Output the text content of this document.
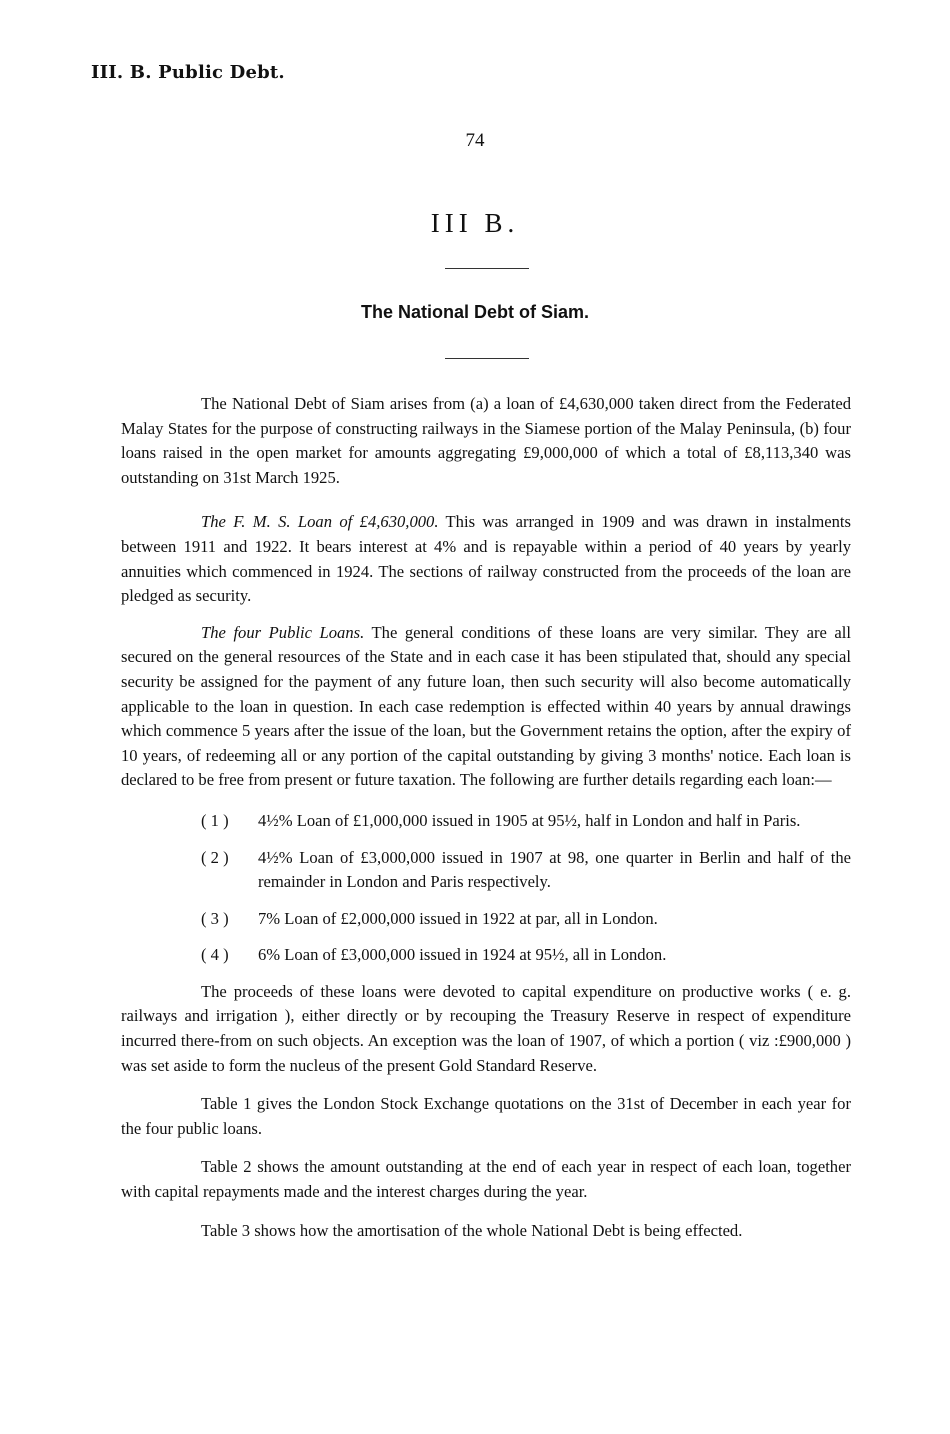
III. B. Public Debt.
74
III B.
The National Debt of Siam.

The National Debt of Siam arises from (a) a loan of £4,630,000 taken direct from the Federated Malay States for the purpose of constructing railways in the Siamese portion of the Malay Peninsula, (b) four loans raised in the open market for amounts aggregating £9,000,000 of which a total of £8,113,340 was outstanding on 31st March 1925.

The F. M. S. Loan of £4,630,000. This was arranged in 1909 and was drawn in instalments between 1911 and 1922. It bears interest at 4% and is repayable within a period of 40 years by yearly annuities which commenced in 1924. The sections of railway constructed from the proceeds of the loan are pledged as security.

The four Public Loans. The general conditions of these loans are very similar. They are all secured on the general resources of the State and in each case it has been stipulated that, should any special security be assigned for the payment of any future loan, then such security will also become automatically applicable to the loan in question. In each case redemption is effected within 40 years by annual drawings which commence 5 years after the issue of the loan, but the Government retains the option, after the expiry of 10 years, of redeeming all or any portion of the capital outstanding by giving 3 months' notice. Each loan is declared to be free from present or future taxation. The following are further details regarding each loan:—

( 1 )	4½% Loan of £1,000,000 issued in 1905 at 95½, half in London and half in Paris.
( 2 )	4½% Loan of £3,000,000 issued in 1907 at 98, one quarter in Berlin and half of the remainder in London and Paris respectively.
( 3 )	7% Loan of £2,000,000 issued in 1922 at par, all in London.
( 4 )	6% Loan of £3,000,000 issued in 1924 at 95½, all in London.

The proceeds of these loans were devoted to capital expenditure on productive works ( e. g. railways and irrigation ), either directly or by recouping the Treasury Reserve in respect of expenditure incurred there-from on such objects. An exception was the loan of 1907, of which a portion ( viz :£900,000 ) was set aside to form the nucleus of the present Gold Standard Reserve.

Table 1 gives the London Stock Exchange quotations on the 31st of December in each year for the four public loans.

Table 2 shows the amount outstanding at the end of each year in respect of each loan, together with capital repayments made and the interest charges during the year.

Table 3 shows how the amortisation of the whole National Debt is being effected.
